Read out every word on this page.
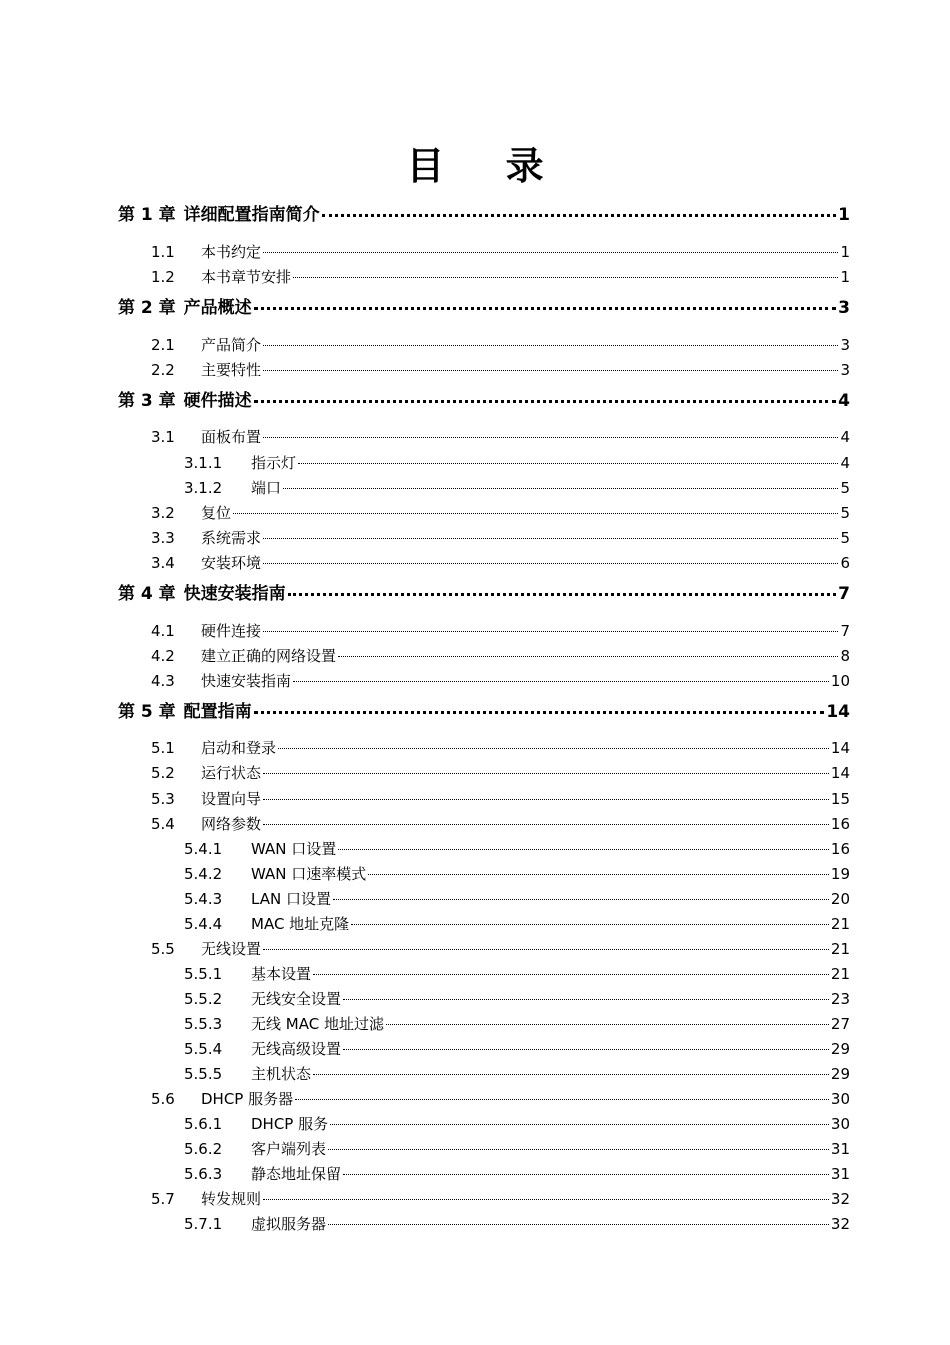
目 录
第 1 章 详细配置指南简介	1
1.1	本书约定	1
1.2	本书章节安排	1
第 2 章 产品概述	3
2.1	产品简介	3
2.2	主要特性	3
第 3 章 硬件描述	4
3.1	面板布置	4
3.1.1	指示灯	4
3.1.2	端口	5
3.2	复位	5
3.3	系统需求	5
3.4	安装环境	6
第 4 章 快速安装指南	7
4.1	硬件连接	7
4.2	建立正确的网络设置	8
4.3	快速安装指南	10
第 5 章 配置指南	14
5.1	启动和登录	14
5.2	运行状态	14
5.3	设置向导	15
5.4	网络参数	16
5.4.1	WAN 口设置	16
5.4.2	WAN 口速率模式	19
5.4.3	LAN 口设置	20
5.4.4	MAC 地址克隆	21
5.5	无线设置	21
5.5.1	基本设置	21
5.5.2	无线安全设置	23
5.5.3	无线 MAC 地址过滤	27
5.5.4	无线高级设置	29
5.5.5	主机状态	29
5.6	DHCP 服务器	30
5.6.1	DHCP 服务	30
5.6.2	客户端列表	31
5.6.3	静态地址保留	31
5.7	转发规则	32
5.7.1	虚拟服务器	32
